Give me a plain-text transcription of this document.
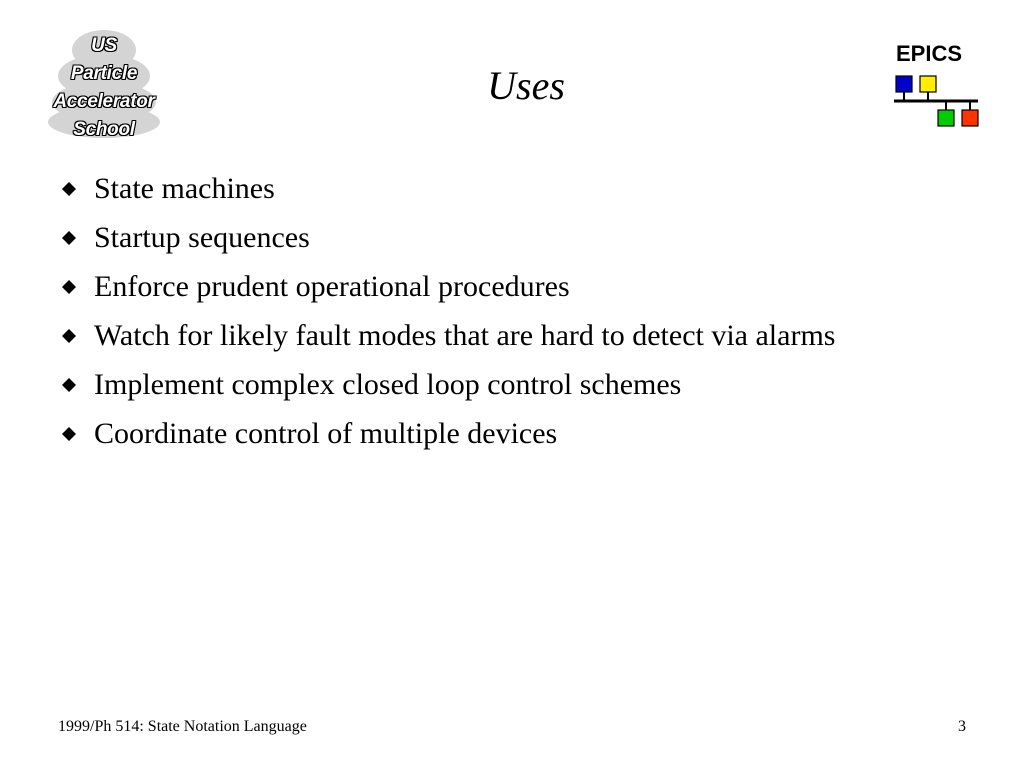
US
Particle
Accelerator
School
Uses
EPICS
State machines
Startup sequences
Enforce prudent operational procedures
Watch for likely fault modes that are hard to detect via alarms
Implement complex closed loop control schemes
Coordinate control of multiple devices
1999/Ph 514: State Notation Language	3
